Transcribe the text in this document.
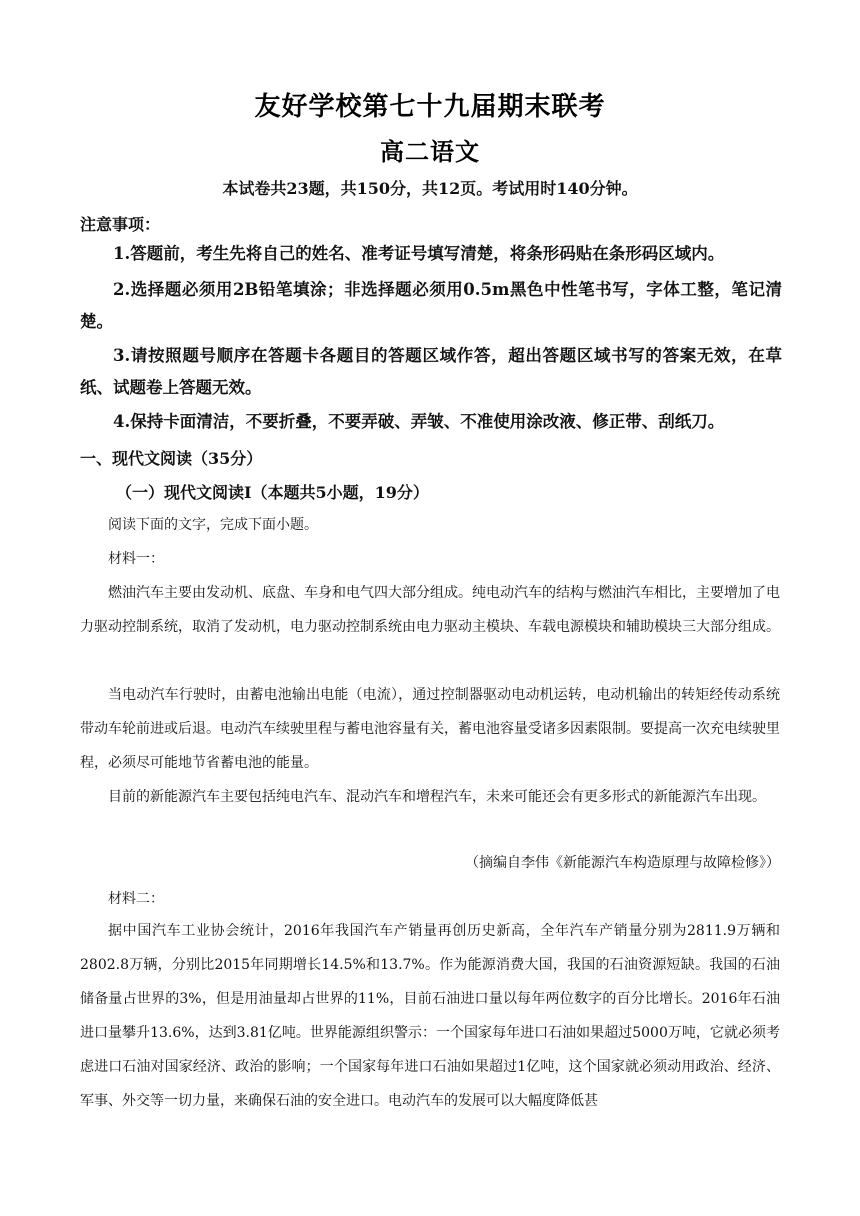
友好学校第七十九届期末联考
高二语文
本试卷共23题，共150分，共12页。考试用时140分钟。
注意事项：

1.答题前，考生先将自己的姓名、准考证号填写清楚，将条形码贴在条形码区域内。

2.选择题必须用2B铅笔填涂；非选择题必须用0.5m黑色中性笔书写，字体工整，笔记清楚。

3.请按照题号顺序在答题卡各题目的答题区域作答，超出答题区域书写的答案无效，在草纸、试题卷上答题无效。

4.保持卡面清洁，不要折叠，不要弄破、弄皱、不准使用涂改液、修正带、刮纸刀。

一、现代文阅读（35分）
（一）现代文阅读Ⅰ（本题共5小题，19分）

阅读下面的文字，完成下面小题。

材料一：

燃油汽车主要由发动机、底盘、车身和电气四大部分组成。纯电动汽车的结构与燃油汽车相比，主要增加了电力驱动控制系统，取消了发动机，电力驱动控制系统由电力驱动主模块、车载电源模块和辅助模块三大部分组成。

当电动汽车行驶时，由蓄电池输出电能（电流），通过控制器驱动电动机运转，电动机输出的转矩经传动系统带动车轮前进或后退。电动汽车续驶里程与蓄电池容量有关，蓄电池容量受诸多因素限制。要提高一次充电续驶里程，必须尽可能地节省蓄电池的能量。

目前的新能源汽车主要包括纯电汽车、混动汽车和增程汽车，未来可能还会有更多形式的新能源汽车出现。

（摘编自李伟《新能源汽车构造原理与故障检修》）

材料二：

据中国汽车工业协会统计，2016年我国汽车产销量再创历史新高，全年汽车产销量分别为2811.9万辆和2802.8万辆，分别比2015年同期增长14.5%和13.7%。作为能源消费大国，我国的石油资源短缺。我国的石油储备量占世界的3%，但是用油量却占世界的11%，目前石油进口量以每年两位数字的百分比增长。2016年石油进口量攀升13.6%，达到3.81亿吨。世界能源组织警示：一个国家每年进口石油如果超过5000万吨，它就必须考虑进口石油对国家经济、政治的影响；一个国家每年进口石油如果超过1亿吨，这个国家就必须动用政治、经济、军事、外交等一切力量，来确保石油的安全进口。电动汽车的发展可以大幅度降低甚
